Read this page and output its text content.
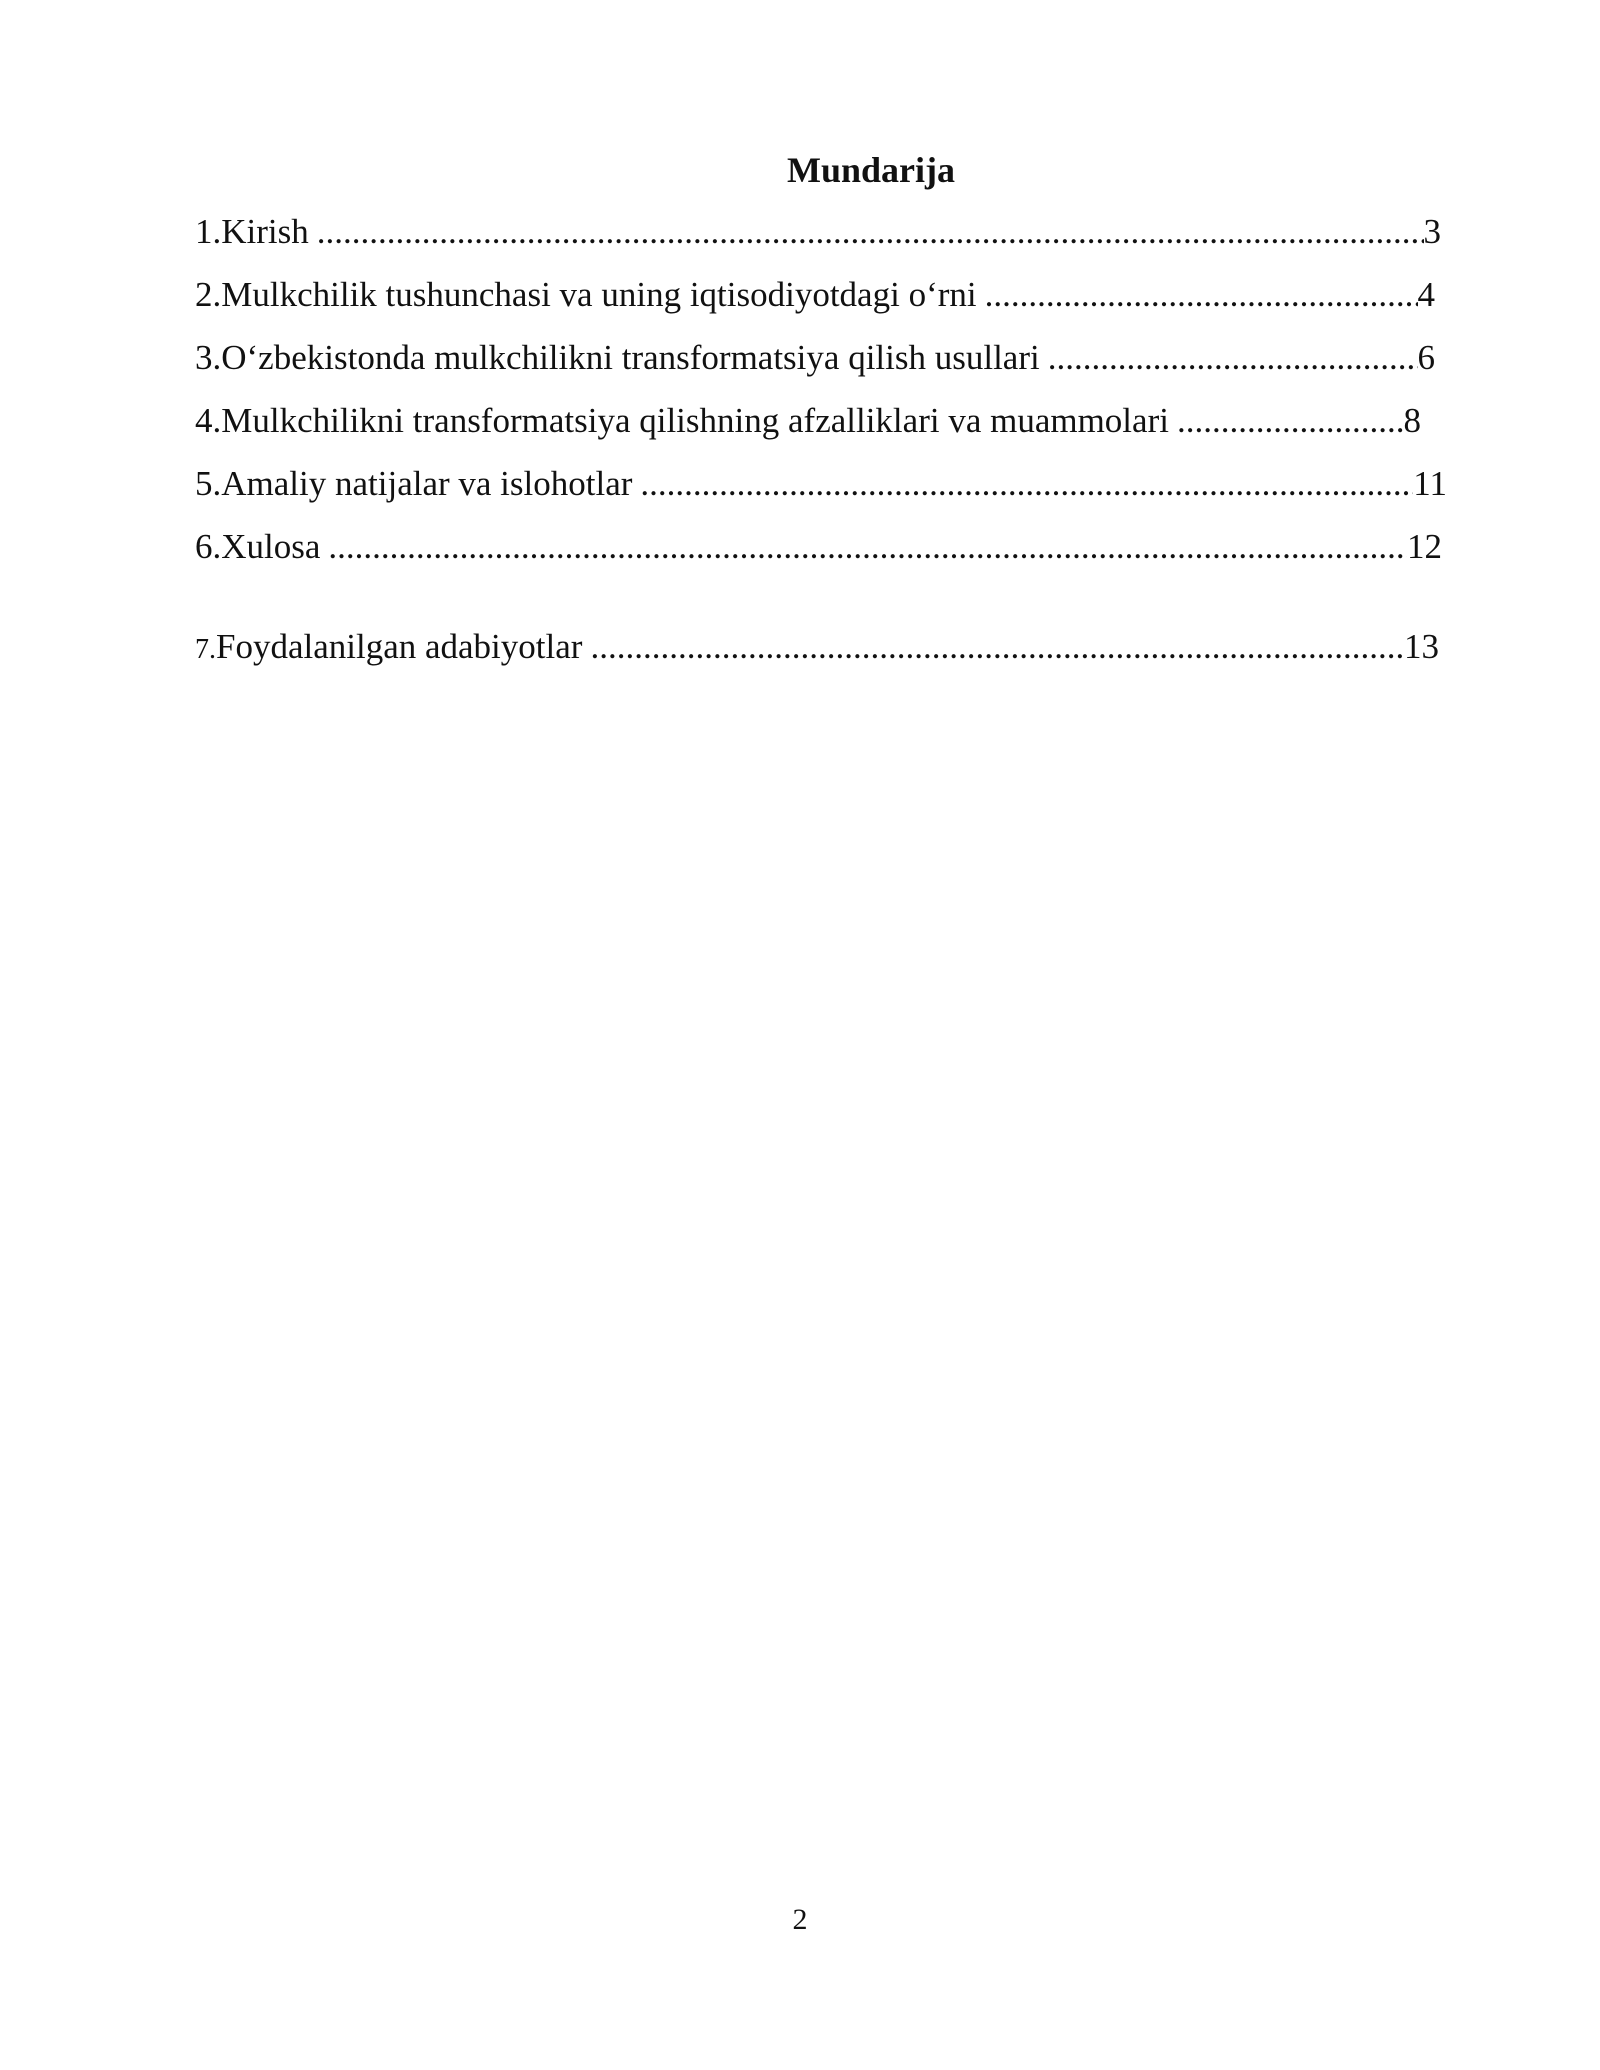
Mundarija
1. Kirish .....	3
2. Mulkchilik tushunchasi va uning iqtisodiyotdagi o‘rni .....	4
3. O‘zbekistonda mulkchilikni transformatsiya qilish usullari .....	6
4. Mulkchilikni transformatsiya qilishning afzalliklari va muammolari .....	8
5. Amaliy natijalar va islohotlar .....	11
6. Xulosa .....	12
7. Foydalanilgan adabiyotlar .....	13
2
